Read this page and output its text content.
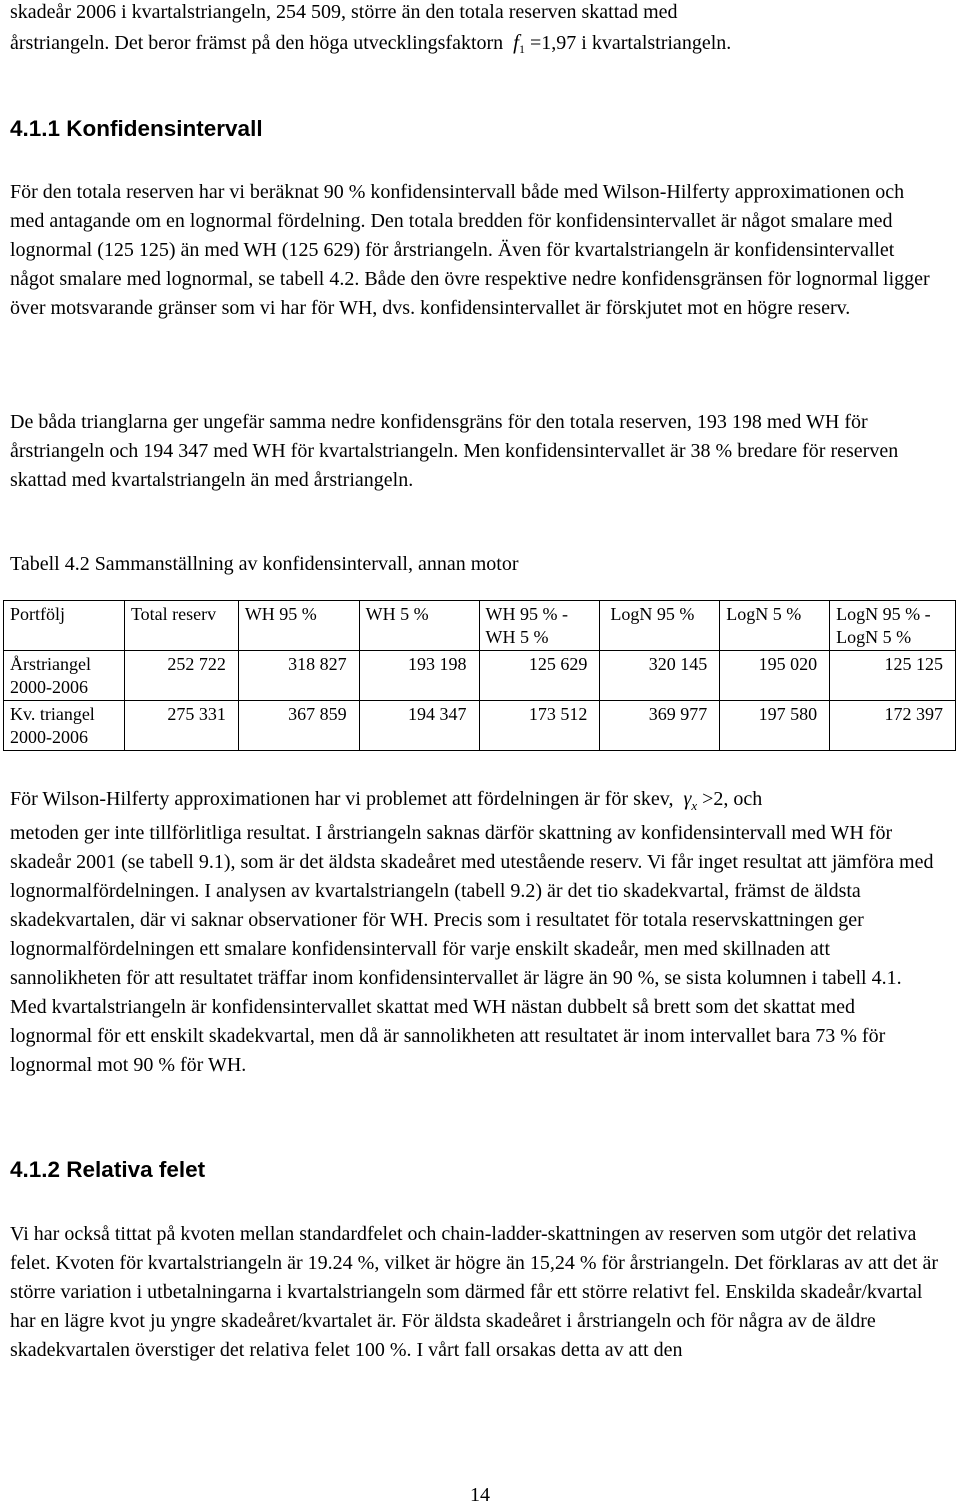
skadeår 2006 i kvartalstriangeln, 254 509, större än den totala reserven skattad med

årstriangeln. Det beror främst på den höga utvecklingsfaktorn $f_1 =1,97$ i kvartalstriangeln.

4.1.1 Konfidensintervall

För den totala reserven har vi beräknat 90 % konfidensintervall både med Wilson-Hilferty approximationen och med antagande om en lognormal fördelning. Den totala bredden för konfidensintervallet är något smalare med lognormal (125 125) än med WH (125 629) för årstriangeln. Även för kvartalstriangeln är konfidensintervallet något smalare med lognormal, se tabell 4.2. Både den övre respektive nedre konfidensgränsen för lognormal ligger över motsvarande gränser som vi har för WH, dvs. konfidensintervallet är förskjutet mot en högre reserv.

De båda trianglarna ger ungefär samma nedre konfidensgräns för den totala reserven, 193 198 med WH för årstriangeln och 194 347 med WH för kvartalstriangeln. Men konfidensintervallet är 38 % bredare för reserven skattad med kvartalstriangeln än med årstriangeln.

Tabell 4.2 Sammanställning av konfidensintervall, annan motor

Portfölj	Total reserv	WH 95 %	WH 5 %	WH 95 % - WH 5 %	LogN 95 %	LogN 5 %	LogN 95 % - LogN 5 %
Årstriangel 2000-2006	252 722	318 827	193 198	125 629	320 145	195 020	125 125
Kv. triangel 2000-2006	275 331	367 859	194 347	173 512	369 977	197 580	172 397

För Wilson-Hilferty approximationen har vi problemet att fördelningen är för skev, $\gamma_x >2$, och

metoden ger inte tillförlitliga resultat. I årstriangeln saknas därför skattning av konfidensintervall med WH för skadeår 2001 (se tabell 9.1), som är det äldsta skadeåret med utestående reserv. Vi får inget resultat att jämföra med lognormalfördelningen. I analysen av kvartalstriangeln (tabell 9.2) är det tio skadekvartal, främst de äldsta skadekvartalen, där vi saknar observationer för WH. Precis som i resultatet för totala reservskattningen ger lognormalfördelningen ett smalare konfidensintervall för varje enskilt skadeår, men med skillnaden att sannolikheten för att resultatet träffar inom konfidensintervallet är lägre än 90 %, se sista kolumnen i tabell 4.1. Med kvartalstriangeln är konfidensintervallet skattat med WH nästan dubbelt så brett som det skattat med lognormal för ett enskilt skadekvartal, men då är sannolikheten att resultatet är inom intervallet bara 73 % för lognormal mot 90 % för WH.

4.1.2 Relativa felet

Vi har också tittat på kvoten mellan standardfelet och chain-ladder-skattningen av reserven som utgör det relativa felet. Kvoten för kvartalstriangeln är 19.24 %, vilket är högre än 15,24 % för årstriangeln. Det förklaras av att det är större variation i utbetalningarna i kvartalstriangeln som därmed får ett större relativt fel. Enskilda skadeår/kvartal har en lägre kvot ju yngre skadeåret/kvartalet är. För äldsta skadeåret i årstriangeln och för några av de äldre skadekvartalen överstiger det relativa felet 100 %. I vårt fall orsakas detta av att den

14
